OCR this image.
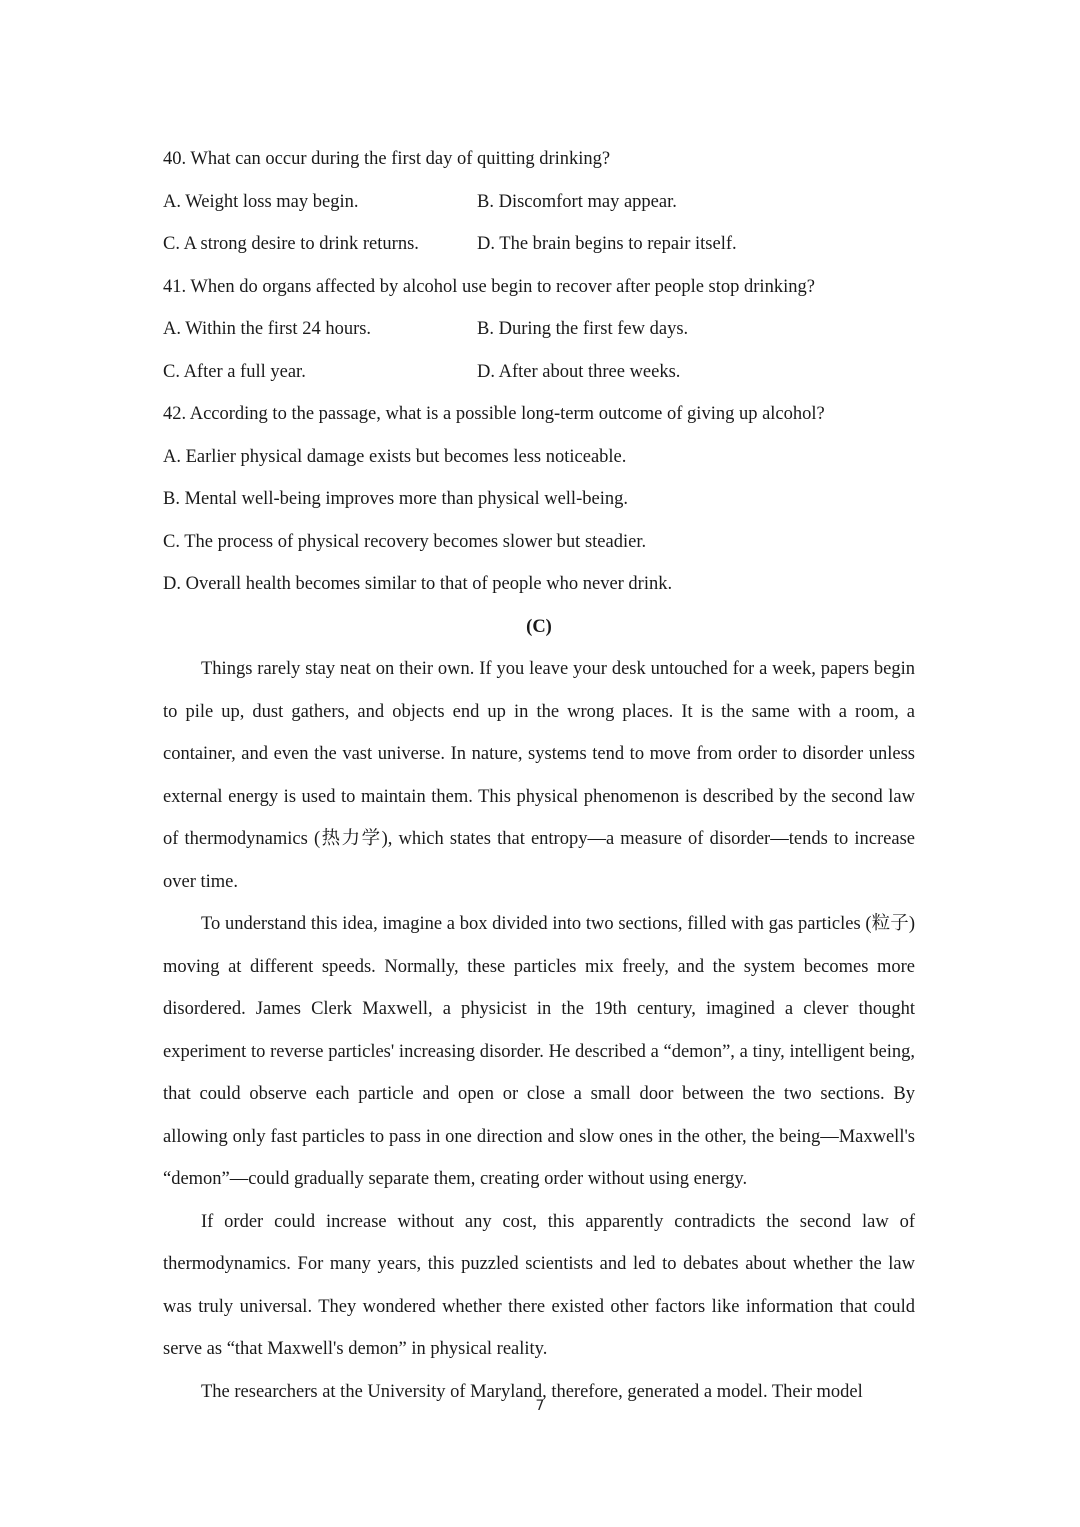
40. What can occur during the first day of quitting drinking?
A. Weight loss may begin.	B. Discomfort may appear.
C. A strong desire to drink returns.	D. The brain begins to repair itself.
41. When do organs affected by alcohol use begin to recover after people stop drinking?
A. Within the first 24 hours.	B. During the first few days.
C. After a full year.	D. After about three weeks.
42. According to the passage, what is a possible long-term outcome of giving up alcohol?
A. Earlier physical damage exists but becomes less noticeable.
B. Mental well-being improves more than physical well-being.
C. The process of physical recovery becomes slower but steadier.
D. Overall health becomes similar to that of people who never drink.
(C)
Things rarely stay neat on their own. If you leave your desk untouched for a week, papers begin to pile up, dust gathers, and objects end up in the wrong places. It is the same with a room, a container, and even the vast universe. In nature, systems tend to move from order to disorder unless external energy is used to maintain them. This physical phenomenon is described by the second law of thermodynamics (热力学), which states that entropy—a measure of disorder—tends to increase over time.
To understand this idea, imagine a box divided into two sections, filled with gas particles (粒子) moving at different speeds. Normally, these particles mix freely, and the system becomes more disordered. James Clerk Maxwell, a physicist in the 19th century, imagined a clever thought experiment to reverse particles' increasing disorder. He described a “demon”, a tiny, intelligent being, that could observe each particle and open or close a small door between the two sections. By allowing only fast particles to pass in one direction and slow ones in the other, the being—Maxwell's “demon”—could gradually separate them, creating order without using energy.
If order could increase without any cost, this apparently contradicts the second law of thermodynamics. For many years, this puzzled scientists and led to debates about whether the law was truly universal. They wondered whether there existed other factors like information that could serve as “that Maxwell's demon” in physical reality.
The researchers at the University of Maryland, therefore, generated a model. Their model
7
